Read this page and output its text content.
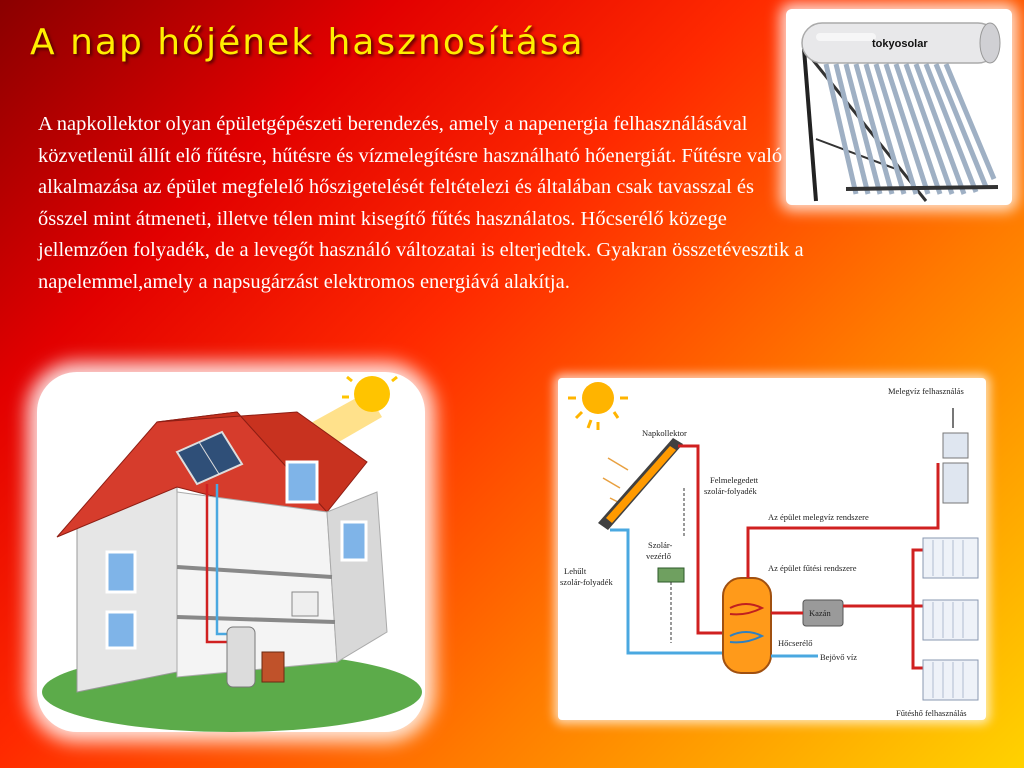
A nap hőjének hasznosítása

A napkollektor olyan épületgépészeti berendezés, amely a napenergia felhasználásával közvetlenül állít elő fűtésre, hűtésre és vízmelegítésre használható hőenergiát. Fűtésre való alkalmazása az épület megfelelő hőszigetelését feltételezi és általában csak tavasszal és ősszel mint átmeneti, illetve télen mint kisegítő fűtés használatos. Hőcserélő közege jellemzően folyadék, de a levegőt használó változatai is elterjedtek. Gyakran összetévesztik a napelemmel,amely a napsugárzást elektromos energiává alakítja.

tokyosolar
Napkollektor
Felmelegedett
szolár-folyadék
Szolár-
vezérlő
Lehűlt
szolár-folyadék
Az épület melegvíz rendszere
Az épület fűtési rendszere
Kazán
Hőcserélő
Bejövő víz
Melegvíz felhasználás
Fűtéshő felhasználás
